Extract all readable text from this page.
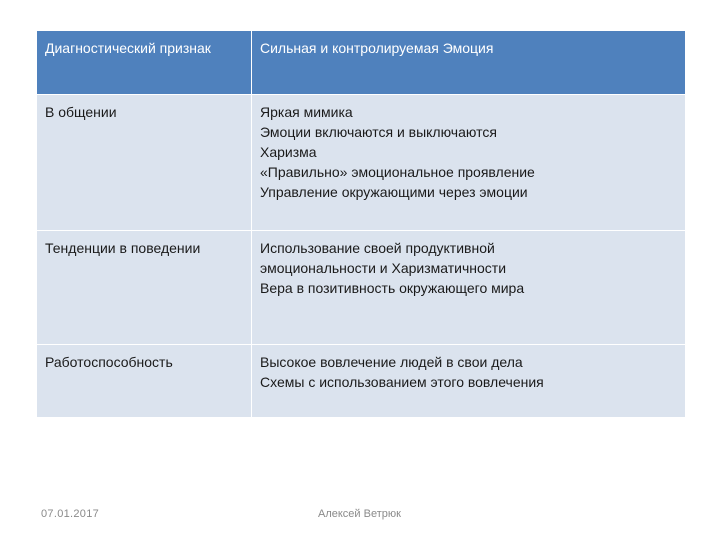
Диагностический признак	Сильная и контролируемая Эмоция
В общении	Яркая мимика
Эмоции включаются и выключаются
Харизма
«Правильно» эмоциональное проявление
Управление окружающими через эмоции

Тенденции в поведении	Использование своей продуктивной
эмоциональности и Харизматичности
Вера в позитивность окружающего мира

Работоспособность	Высокое вовлечение людей в свои дела
Схемы с использованием этого вовлечения
07.01.2017	Алексей Ветрюк
